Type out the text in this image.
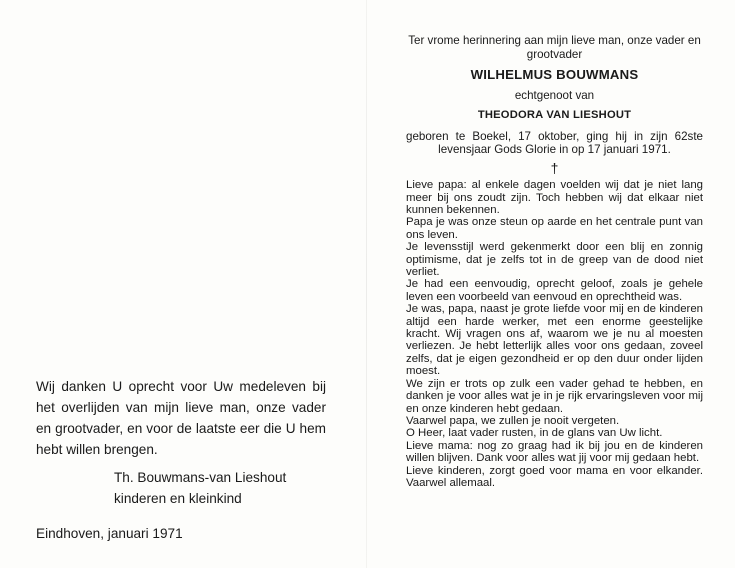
Wij danken U oprecht voor Uw medeleven bij het overlijden van mijn lieve man, onze vader en grootvader, en voor de laatste eer die U hem hebt willen brengen.

Th. Bouwmans-van Lieshout
kinderen en kleinkind
Eindhoven, januari 1971
Ter vrome herinnering aan mijn lieve man, onze vader en grootvader
WILHELMUS BOUWMANS
echtgenoot van
THEODORA VAN LIESHOUT
geboren te Boekel, 17 oktober, ging hij in zijn 62ste levensjaar Gods Glorie in op 17 januari 1971.
†

Lieve papa: al enkele dagen voelden wij dat je niet lang meer bij ons zoudt zijn. Toch hebben wij dat elkaar niet kunnen bekennen.

Papa je was onze steun op aarde en het centrale punt van ons leven.

Je levensstijl werd gekenmerkt door een blij en zonnig optimisme, dat je zelfs tot in de greep van de dood niet verliet.

Je had een eenvoudig, oprecht geloof, zoals je gehele leven een voorbeeld van eenvoud en oprechtheid was.

Je was, papa, naast je grote liefde voor mij en de kinderen altijd een harde werker, met een enorme geestelijke kracht. Wij vragen ons af, waarom we je nu al moesten verliezen. Je hebt letterlijk alles voor ons gedaan, zoveel zelfs, dat je eigen gezondheid er op den duur onder lijden moest.

We zijn er trots op zulk een vader gehad te hebben, en danken je voor alles wat je in je rijk ervaringsleven voor mij en onze kinderen hebt gedaan.

Vaarwel papa, we zullen je nooit vergeten.

O Heer, laat vader rusten, in de glans van Uw licht.

Lieve mama: nog zo graag had ik bij jou en de kinderen willen blijven. Dank voor alles wat jij voor mij gedaan hebt.

Lieve kinderen, zorgt goed voor mama en voor elkander. Vaarwel allemaal.
